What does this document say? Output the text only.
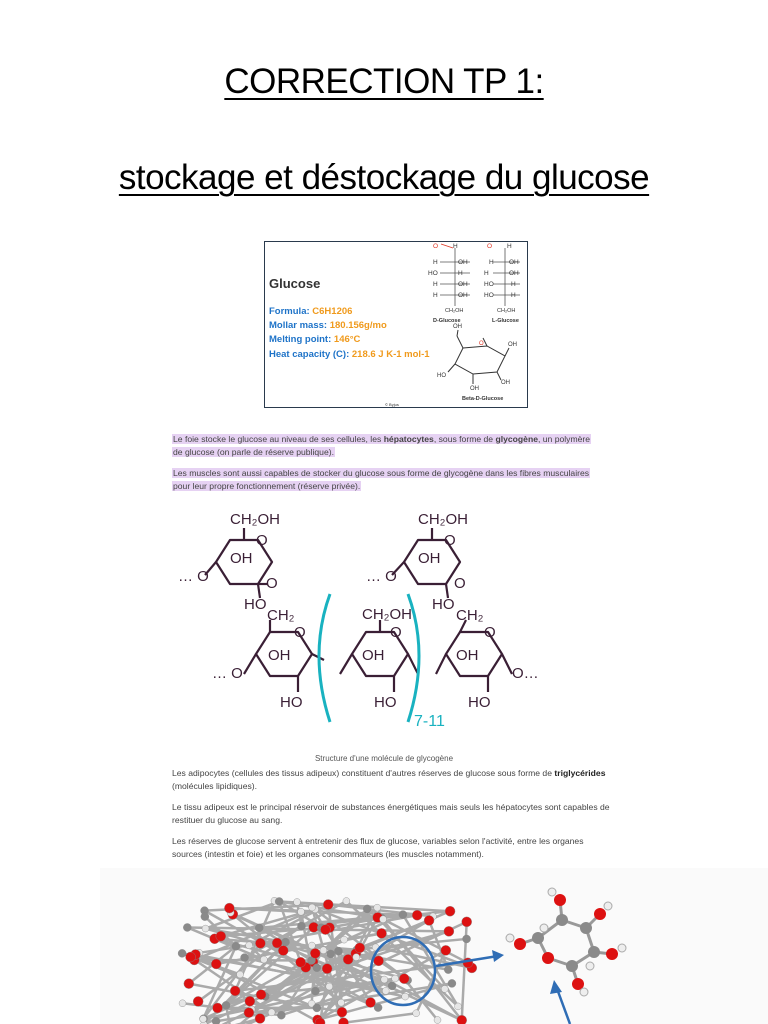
CORRECTION TP 1:
stockage et déstockage du glucose
O H
H	OH
HO	H
H	OH
H	OH
CH₂OH
D-Glucose
O H
H OH
H	OH
HO	H
HO	H
CH₂OH
L-Glucose
O
OH
OH
OH
OH
HO
Beta-D-Glucose
© Byjus
Glucose
Formula: C6H1206
Mollar mass: 180.156g/mo
Melting point: 146°C
Heat capacity (C): 218.6 J K-1 mol-1
Le foie stocke le glucose au niveau de ses cellules, les hépatocytes, sous forme de glycogène, un polymère de glucose (on parle de réserve publique).
Les muscles sont aussi capables de stocker du glucose sous forme de glycogène dans les fibres musculaires pour leur propre fonctionnement (réserve privée).
CH₂OH	CH₂OH
OH	OH
… O	… O
O	O
O	O
HO	HO
CH₂	CH₂
CH₂OH
O	O	O
OH	OH	OH
… O	O…
HO	HO	HO
7-11
Structure d'une molécule de glycogène
Les adipocytes (cellules des tissus adipeux) constituent d'autres réserves de glucose sous forme de triglycérides (molécules lipidiques).
Le tissu adipeux est le principal réservoir de substances énergétiques mais seuls les hépatocytes sont capables de restituer du glucose au sang.
Les réserves de glucose servent à entretenir des flux de glucose, variables selon l'activité, entre les organes sources (intestin et foie) et les organes consommateurs (les muscles notamment).
